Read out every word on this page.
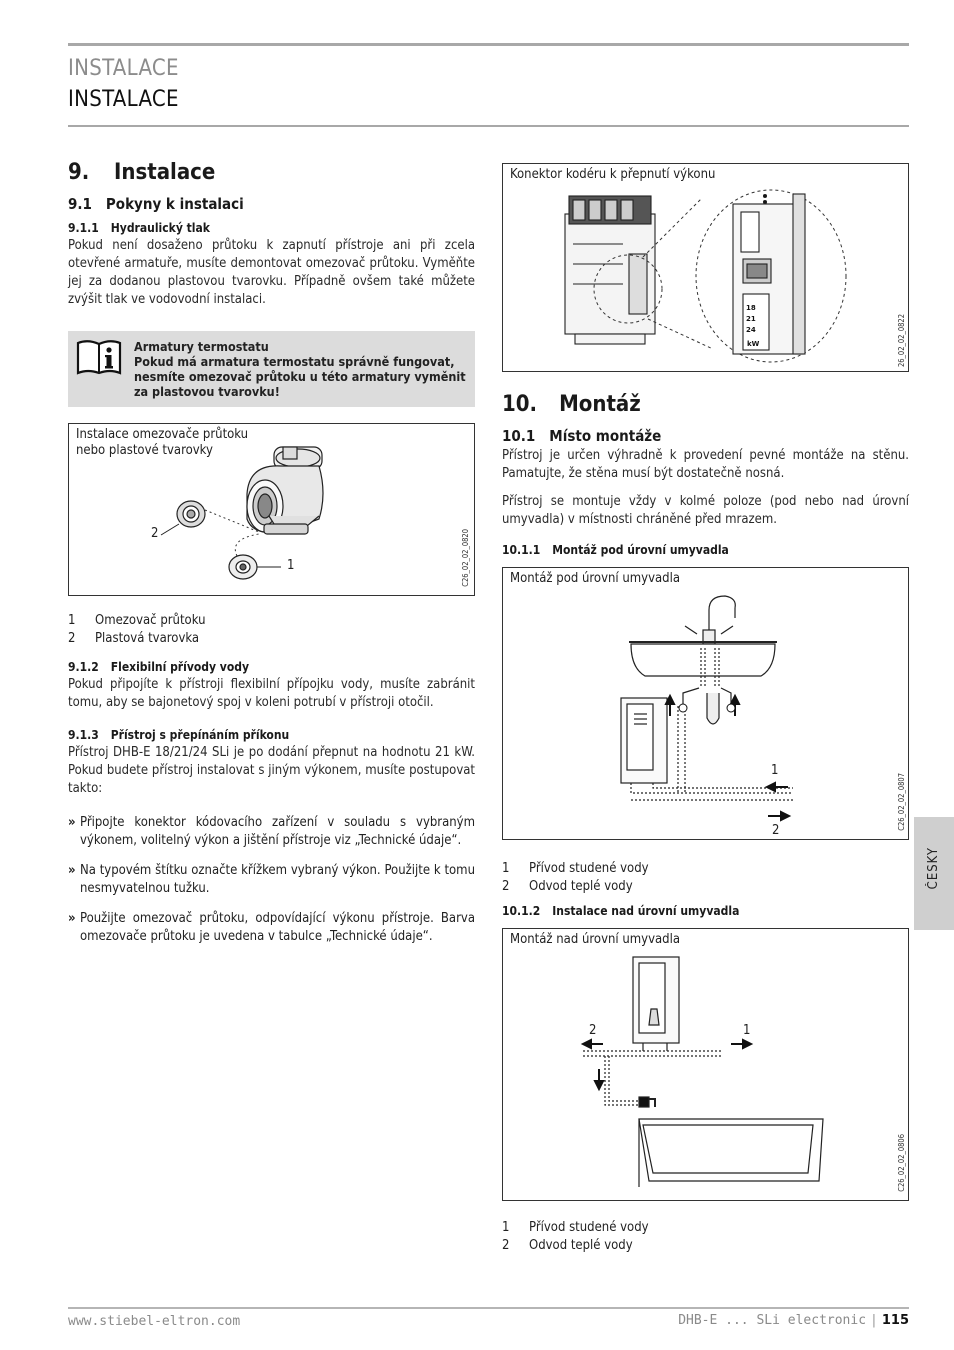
INSTALACE
INSTALACE
9. Instalace
9.1 Pokyny k instalaci
9.1.1 Hydraulický tlak

Pokud není dosaženo průtoku k zapnutí přístroje ani při zcela otevřené armatuře, musíte demontovat omezovač průtoku. Vyměňte jej za dodanou plastovou tvarovku. Případně ovšem také můžete zvýšit tlak ve vodovodní instalaci.

Armatury termostatu
Pokud má armatura termostatu správně fungovat, nesmíte omezovač průtoku u této armatury vyměnit za plastovou tvarovku!
Instalace omezovače průtoku
nebo plastové tvarovky
2
1	C26_02_02_0820
1	Omezovač průtoku
2	Plastová tvarovka
9.1.2 Flexibilní přívody vody

Pokud připojíte k přístroji flexibilní přípojku vody, musíte zabránit tomu, aby se bajonetový spoj v koleni potrubí v přístroji otočil.

9.1.3 Přístroj s přepínáním příkonu

Přístroj DHB-E 18/21/24 SLi je po dodání přepnut na hodnotu 21 kW. Pokud budete přístroj instalovat s jiným výkonem, musíte postupovat takto:

» Připojte konektor kódovacího zařízení v souladu s vybraným výkonem, volitelný výkon a jištění přístroje viz „Technické údaje“.
» Na typovém štítku označte křížkem vybraný výkon. Použijte k tomu nesmyvatelnou tužku.
» Použijte omezovač průtoku, odpovídající výkonu přístroje. Barva omezovače průtoku je uvedena v tabulce „Technické údaje“.
Konektor kodéru k přepnutí výkonu
18
21
24
kW	26_02_02_0822
10. Montáž
10.1 Místo montáže

Přístroj je určen výhradně k provedení pevné montáže na stěnu. Pamatujte, že stěna musí být dostatečně nosná.

Přístroj se montuje vždy v kolmé poloze (pod nebo nad úrovní umyvadla) v místnosti chráněné před mrazem.

10.1.1 Montáž pod úrovní umyvadla
Montáž pod úrovní umyvadla
1
2	C26_02_02_0807
1	Přívod studené vody
2	Odvod teplé vody
10.1.2 Instalace nad úrovní umyvadla
Montáž nad úrovní umyvadla
2	1
C26_02_02_0806
1	Přívod studené vody
2	Odvod teplé vody
ČESKY
www.stiebel-eltron.com	DHB-E ... SLi electronic | 115
